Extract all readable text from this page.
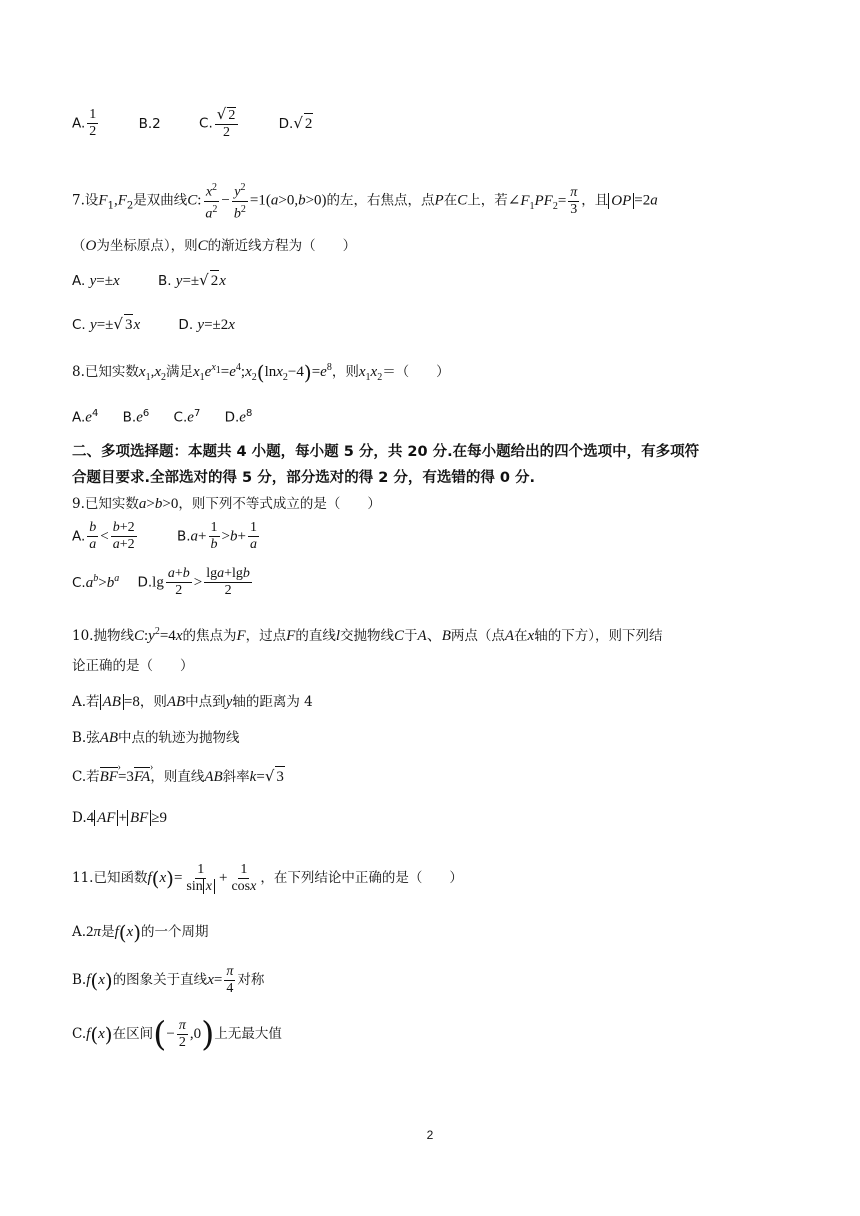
A. $\frac{1}{2}$	B.2	C. $\frac{√ 2}{2}$	D.√ 2
7.设$F_1,F_2$是双曲线C: $\frac{x^2}{a^2} - \frac{y^2}{b^2} =1(a>0,b>0)$的左，右焦点，点P在C上，若$\angle F_1PF_2= \frac{\pi}{3}$ ，且 OP =2a
（O为坐标原点），则C的渐近线方程为（　　）
A. y=±x	B. y=±√ 2x
C. y=±√ 3x	D. y=±2x
8.已知实数$x_1,x_2$满足$x_1e^{x_1}=e^4;x_2(\ln x_2-4)=e^8$，则$x_1x_2=$（　　）
$A.e^4$ $B.e^6$ $C.e^7$ $D.e^8$
二、多项选择题：本题共 4 小题，每小题 5 分，共 20 分.在每小题给出的四个选项中，有多项符
合题目要求.全部选对的得 5 分，部分选对的得 2 分，有选错的得 0 分.
9.已知实数a>b>0，则下列不等式成立的是（　　）
A. $\frac{b}{a} < \frac{b+2}{a+2}$	$B.a+ \frac{1}{b} >b+ \frac{1}{a}$
$C.a^b>b^a$ $D.\lg \frac{a+b}{2} > \frac{\lg a+\lg b}{2}$
10.抛物线$C:y^2=4x$的焦点为F，过点F的直线l交抛物线C于A、B两点（点A在x轴的下方），则下列结
论正确的是（　　）
A.若 AB =8，则AB中点到y轴的距离为 4
B.弦AB中点的轨迹为抛物线
C.若BF ›=3FA ›，则直线AB斜率k=√ 3
D.4 AF + BF ≥9
11.已知函数$f(x)= \frac{1}{\text{sin x}} + \frac{1}{\cos x}$ ，在下列结论中正确的是（　　）
A.2π是f(x)的一个周期
B.f(x)的图象关于直线$x= \frac{\pi}{4}$ 对称
C.f(x)在区间(− $\frac{\pi}{2} ,0$)上无最大值
2
